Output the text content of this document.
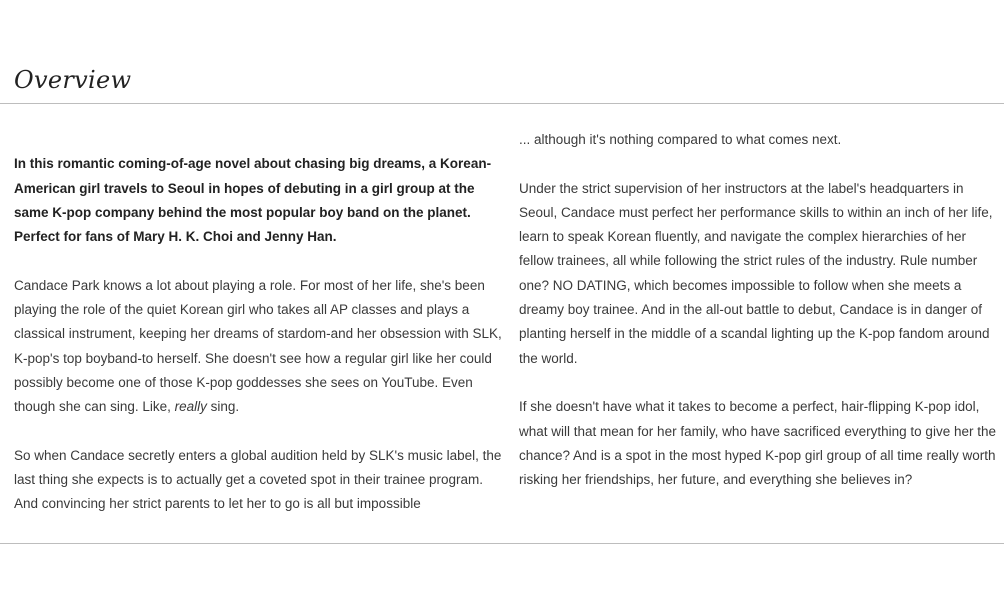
Overview

In this romantic coming-of-age novel about chasing big dreams, a Korean-American girl travels to Seoul in hopes of debuting in a girl group at the same K-pop company behind the most popular boy band on the planet. Perfect for fans of Mary H. K. Choi and Jenny Han.

Candace Park knows a lot about playing a role. For most of her life, she's been playing the role of the quiet Korean girl who takes all AP classes and plays a classical instrument, keeping her dreams of stardom-and her obsession with SLK, K-pop's top boyband-to herself. She doesn't see how a regular girl like her could possibly become one of those K-pop goddesses she sees on YouTube. Even though she can sing. Like, really sing.

So when Candace secretly enters a global audition held by SLK's music label, the last thing she expects is to actually get a coveted spot in their trainee program. And convincing her strict parents to let her to go is all but impossible

... although it's nothing compared to what comes next.

Under the strict supervision of her instructors at the label's headquarters in Seoul, Candace must perfect her performance skills to within an inch of her life, learn to speak Korean fluently, and navigate the complex hierarchies of her fellow trainees, all while following the strict rules of the industry. Rule number one? NO DATING, which becomes impossible to follow when she meets a dreamy boy trainee. And in the all-out battle to debut, Candace is in danger of planting herself in the middle of a scandal lighting up the K-pop fandom around the world.

If she doesn't have what it takes to become a perfect, hair-flipping K-pop idol, what will that mean for her family, who have sacrificed everything to give her the chance? And is a spot in the most hyped K-pop girl group of all time really worth risking her friendships, her future, and everything she believes in?
